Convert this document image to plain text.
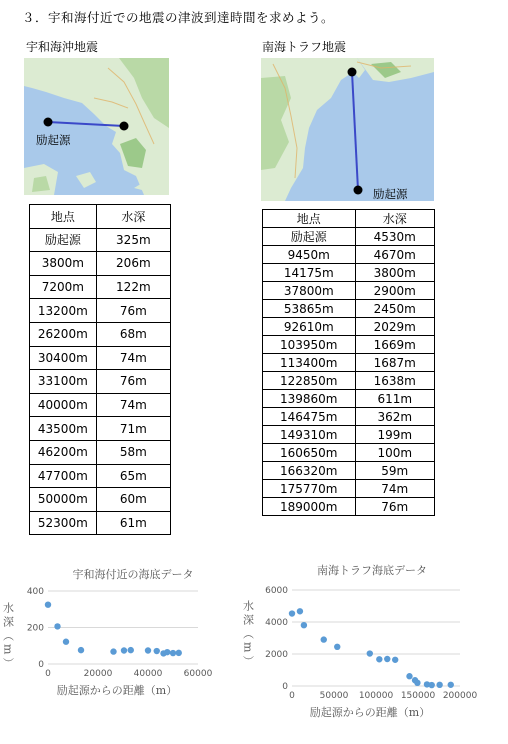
３．宇和海付近での地震の津波到達時間を求めよう。
宇和海沖地震
励起源
地点	水深
励起源	325m
3800m	206m
7200m	122m
13200m	76m
26200m	68m
30400m	74m
33100m	76m
40000m	74m
43500m	71m
46200m	58m
47700m	65m
50000m	60m
52300m	61m
南海トラフ地震
励起源
地点	水深
励起源	4530m
9450m	4670m
14175m	3800m
37800m	2900m
53865m	2450m
92610m	2029m
103950m	1669m
113400m	1687m
122850m	1638m
139860m	611m
146475m	362m
149310m	199m
160650m	100m
166320m	59m
175770m	74m
189000m	76m
宇和海付近の海底データ
0
200
400
0	20000 40000 60000
励起源からの距離（m）
水深（m）
南海トラフ海底データ
0
2000
4000
6000
0	50000 100000 150000 200000
励起源からの距離（m）
水深（m）
